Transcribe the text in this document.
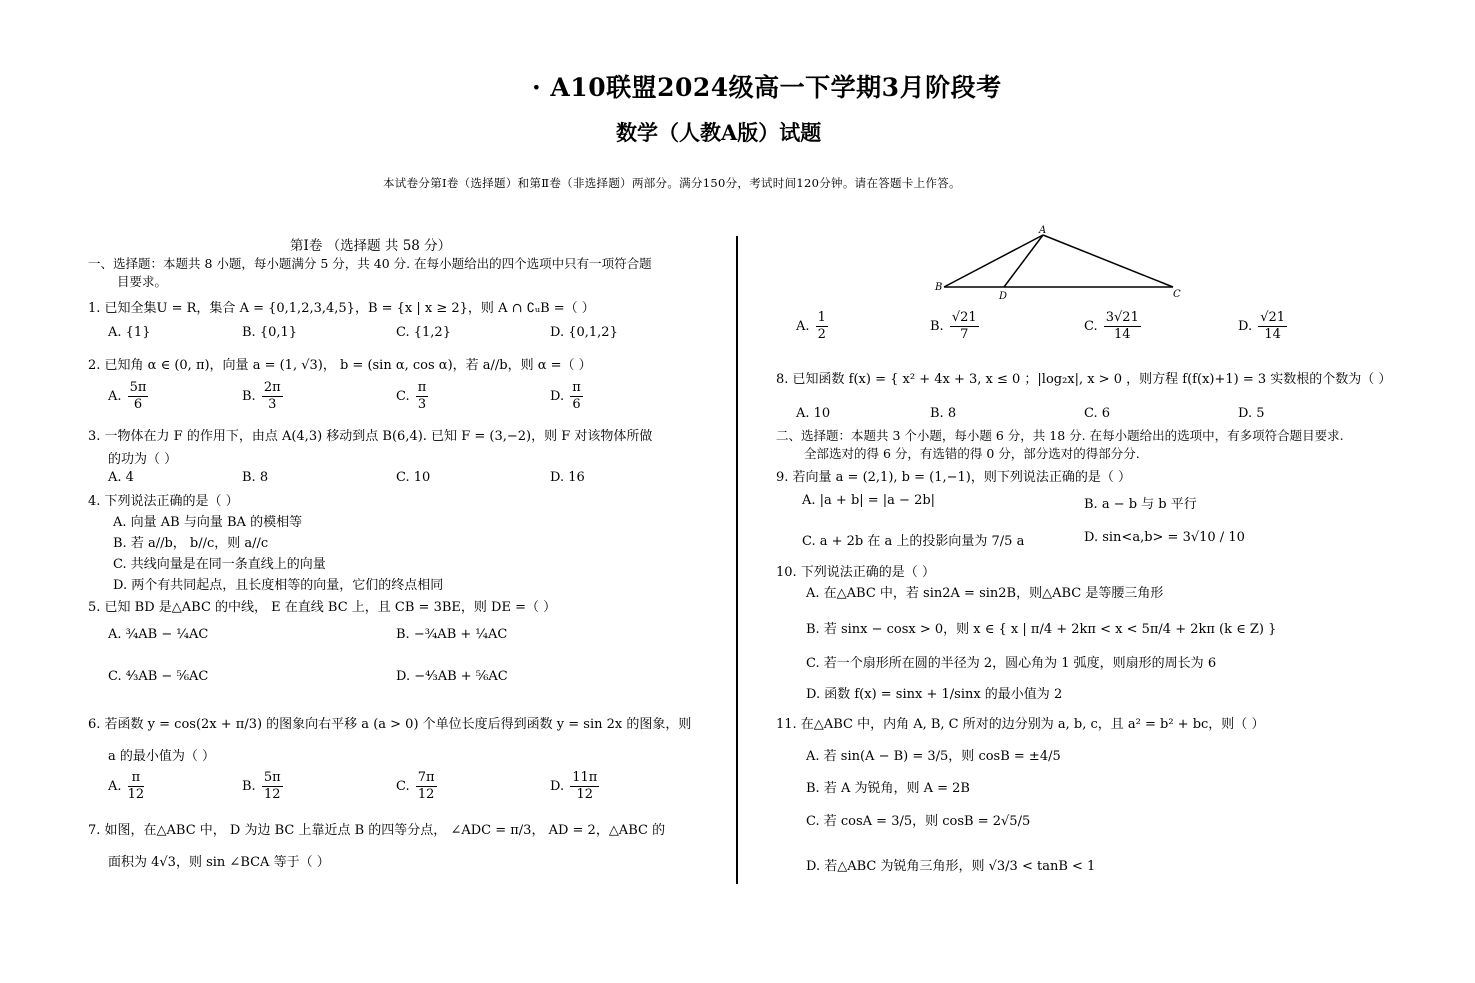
· A10联盟2024级高一下学期3月阶段考
数学（人教A版）试题
本试卷分第Ⅰ卷（选择题）和第Ⅱ卷（非选择题）两部分。满分150分，考试时间120分钟。请在答题卡上作答。
第Ⅰ卷 （选择题 共 58 分）
一、选择题：本题共 8 小题，每小题满分 5 分，共 40 分. 在每小题给出的四个选项中只有一项符合题
目要求。
1. 已知全集U = R，集合 A = {0,1,2,3,4,5}，B = {x | x ≥ 2}，则 A ∩ ∁ᵤB =（ ）
A. {1}	B. {0,1}	C. {1,2}	D. {0,1,2}
2. 已知角 α ∈ (0, π)，向量 a = (1, √3)， b = (sin α, cos α)，若 a//b，则 α =（ ）
A. $\frac{5\pi}{6}$	B. $\frac{2\pi}{3}$	C. $\frac{\pi}{3}$	D. $\frac{\pi}{6}$
3. 一物体在力 F 的作用下，由点 A(4,3) 移动到点 B(6,4). 已知 F = (3,−2)，则 F 对该物体所做
的功为（ ）
A. 4	B. 8	C. 10	D. 16
4. 下列说法正确的是（ ）
A. 向量 AB 与向量 BA 的模相等
B. 若 a//b， b//c，则 a//c
C. 共线向量是在同一条直线上的向量
D. 两个有共同起点，且长度相等的向量，它们的终点相同
5. 已知 BD 是△ABC 的中线， E 在直线 BC 上，且 CB = 3BE，则 DE =（ ）
A. ¾AB − ¼AC	B. −¾AB + ¼AC
C. ⁴⁄₃AB − ⁵⁄₆AC	D. −⁴⁄₃AB + ⁵⁄₆AC
6. 若函数 y = cos(2x + π/3) 的图象向右平移 a (a > 0) 个单位长度后得到函数 y = sin 2x 的图象，则
a 的最小值为（ ）
A. $\frac{\pi}{12}$	B. $\frac{5\pi}{12}$	C. $\frac{7\pi}{12}$	D. $\frac{11\pi}{12}$
7. 如图，在△ABC 中， D 为边 BC 上靠近点 B 的四等分点， ∠ADC = π/3， AD = 2，△ABC 的
面积为 4√3，则 sin ∠BCA 等于（ ）
A
B
D	C
A. $\frac{1}{2}$	B. $\frac{√21}{7}$	C. $\frac{3√21}{14}$	D. $\frac{√21}{14}$
8. 已知函数 f(x) = { x² + 4x + 3, x ≤ 0 ；|log₂x|, x > 0 ，则方程 f(f(x)+1) = 3 实数根的个数为（ ）
A. 10	B. 8	C. 6	D. 5
二、选择题：本题共 3 个小题，每小题 6 分，共 18 分. 在每小题给出的选项中，有多项符合题目要求.
全部选对的得 6 分，有选错的得 0 分，部分选对的得部分分.
9. 若向量 a = (2,1), b = (1,−1)，则下列说法正确的是（ ）
A. |a + b| = |a − 2b|	B. a − b 与 b 平行
C. a + 2b 在 a 上的投影向量为 7/5 a	D. sin<a,b> = 3√10 / 10
10. 下列说法正确的是（ ）
A. 在△ABC 中，若 sin2A = sin2B，则△ABC 是等腰三角形
B. 若 sinx − cosx > 0，则 x ∈ { x | π/4 + 2kπ < x < 5π/4 + 2kπ (k ∈ Z) }
C. 若一个扇形所在圆的半径为 2，圆心角为 1 弧度，则扇形的周长为 6
D. 函数 f(x) = sinx + 1/sinx 的最小值为 2
11. 在△ABC 中，内角 A, B, C 所对的边分别为 a, b, c，且 a² = b² + bc，则（ ）
A. 若 sin(A − B) = 3/5，则 cosB = ±4/5
B. 若 A 为锐角，则 A = 2B
C. 若 cosA = 3/5，则 cosB = 2√5/5
D. 若△ABC 为锐角三角形，则 √3/3 < tanB < 1
